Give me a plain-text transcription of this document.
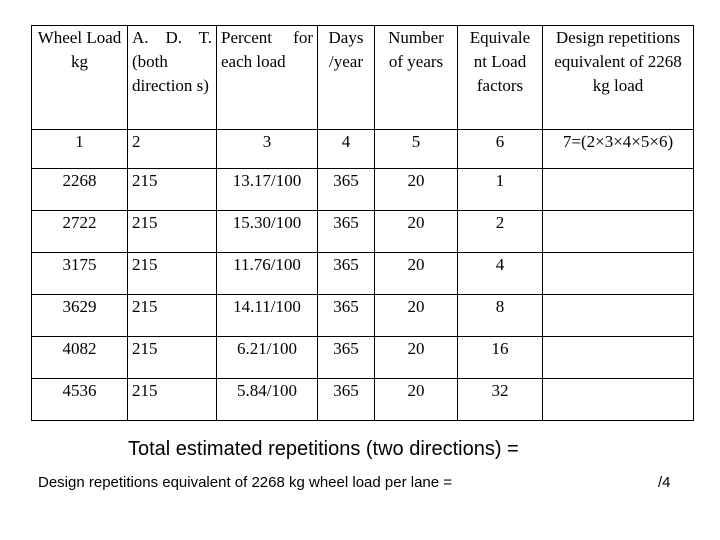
Wheel Load kg	A. D. T. (both direction s)	Percent for each load	Days /year	Number of years	Equivale nt Load factors	Design repetitions equivalent of 2268 kg load
1	2	3	4	5	6	7=(2×3×4×5×6)
2268	215	13.17/100	365	20	1	
2722	215	15.30/100	365	20	2	
3175	215	11.76/100	365	20	4	
3629	215	14.11/100	365	20	8	
4082	215	6.21/100	365	20	16	
4536	215	5.84/100	365	20	32	
Total estimated repetitions (two directions) =
Design repetitions equivalent of 2268 kg wheel load per lane =	/4
